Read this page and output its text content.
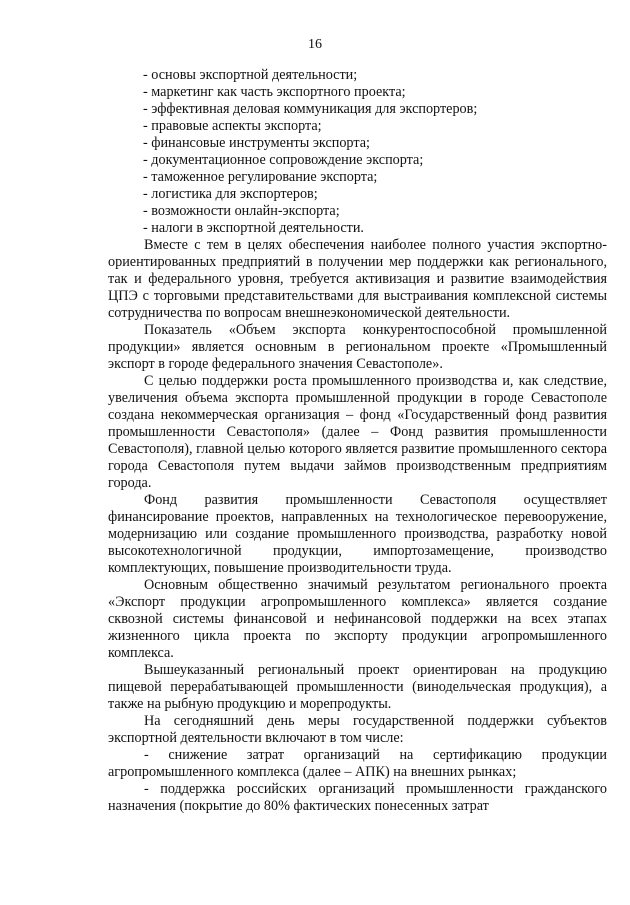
16
- основы экспортной деятельности;
- маркетинг как часть экспортного проекта;
- эффективная деловая коммуникация для экспортеров;
- правовые аспекты экспорта;
- финансовые инструменты экспорта;
- документационное сопровождение экспорта;
- таможенное регулирование экспорта;
- логистика для экспортеров;
- возможности онлайн-экспорта;
- налоги в экспортной деятельности.

Вместе с тем в целях обеспечения наиболее полного участия экспортно-ориентированных предприятий в получении мер поддержки как регионального, так и федерального уровня, требуется активизация и развитие взаимодействия ЦПЭ с торговыми представительствами для выстраивания комплексной системы сотрудничества по вопросам внешнеэкономической деятельности.

Показатель «Объем экспорта конкурентоспособной промышленной продукции» является основным в региональном проекте «Промышленный экспорт в городе федерального значения Севастополе».

С целью поддержки роста промышленного производства и, как следствие, увеличения объема экспорта промышленной продукции в городе Севастополе создана некоммерческая организация – фонд «Государственный фонд развития промышленности Севастополя» (далее – Фонд развития промышленности Севастополя), главной целью которого является развитие промышленного сектора города Севастополя путем выдачи займов производственным предприятиям города.

Фонд развития промышленности Севастополя осуществляет финансирование проектов, направленных на технологическое перевооружение, модернизацию или создание промышленного производства, разработку новой высокотехнологичной продукции, импортозамещение, производство комплектующих, повышение производительности труда.

Основным общественно значимый результатом регионального проекта «Экспорт продукции агропромышленного комплекса» является создание сквозной системы финансовой и нефинансовой поддержки на всех этапах жизненного цикла проекта по экспорту продукции агропромышленного комплекса.

Вышеуказанный региональный проект ориентирован на продукцию пищевой перерабатывающей промышленности (винодельческая продукция), а также на рыбную продукцию и морепродукты.

На сегодняшний день меры государственной поддержки субъектов экспортной деятельности включают в том числе:

- снижение затрат организаций на сертификацию продукции агропромышленного комплекса (далее – АПК) на внешних рынках;

- поддержка российских организаций промышленности гражданского назначения (покрытие до 80% фактических понесенных затрат
